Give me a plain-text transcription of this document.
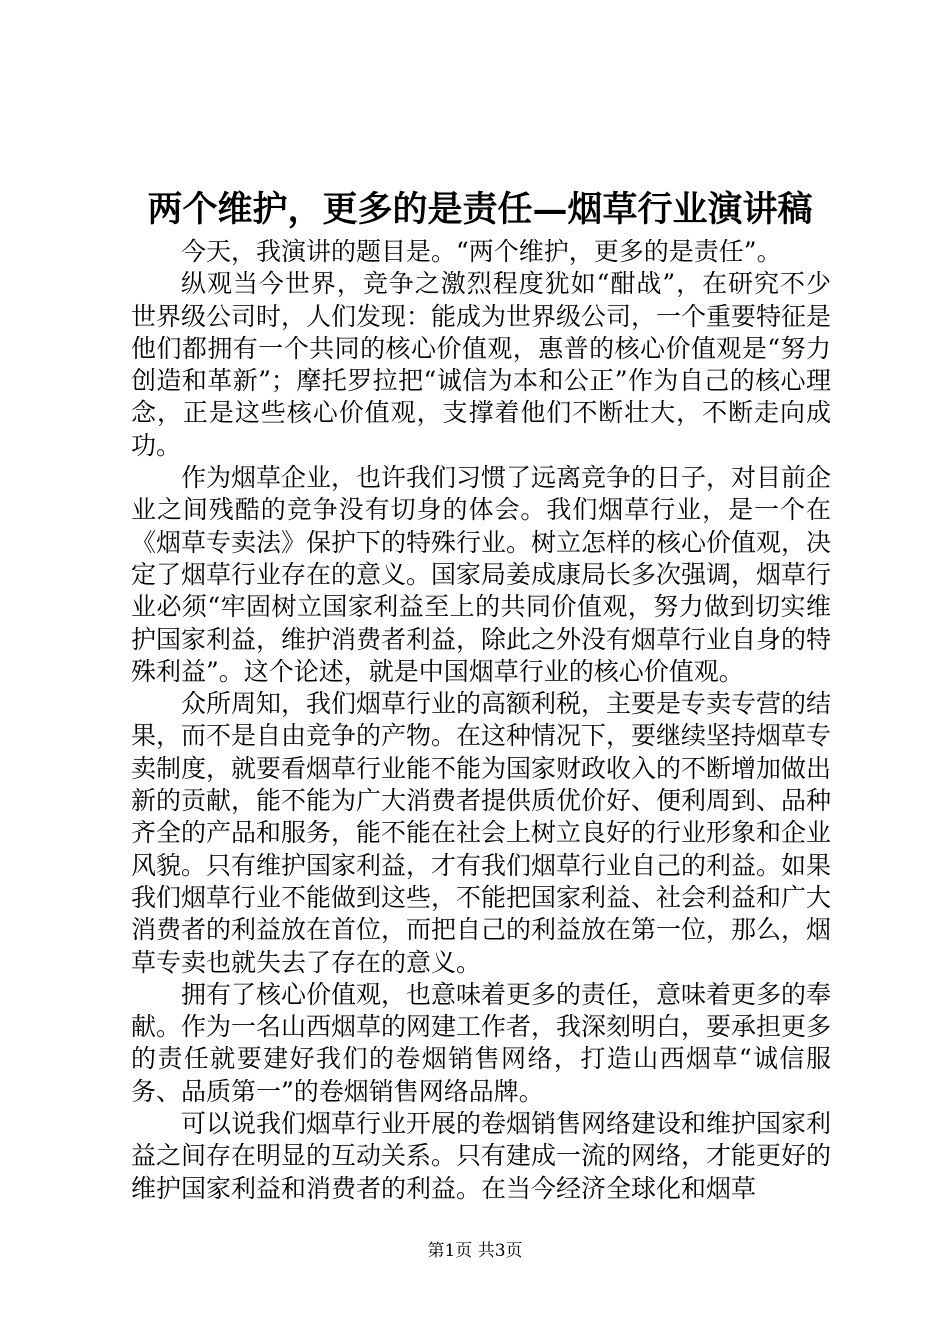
两个维护，更多的是责任—烟草行业演讲稿

今天，我演讲的题目是。“两个维护，更多的是责任”。

纵观当今世界，竞争之激烈程度犹如“酣战”，在研究不少世界级公司时，人们发现：能成为世界级公司，一个重要特征是他们都拥有一个共同的核心价值观，惠普的核心价值观是“努力创造和革新”；摩托罗拉把“诚信为本和公正”作为自己的核心理念，正是这些核心价值观，支撑着他们不断壮大，不断走向成功。

作为烟草企业，也许我们习惯了远离竞争的日子，对目前企业之间残酷的竞争没有切身的体会。我们烟草行业，是一个在《烟草专卖法》保护下的特殊行业。树立怎样的核心价值观，决定了烟草行业存在的意义。国家局姜成康局长多次强调，烟草行业必须“牢固树立国家利益至上的共同价值观，努力做到切实维护国家利益，维护消费者利益，除此之外没有烟草行业自身的特殊利益”。这个论述，就是中国烟草行业的核心价值观。

众所周知，我们烟草行业的高额利税，主要是专卖专营的结果，而不是自由竞争的产物。在这种情况下，要继续坚持烟草专卖制度，就要看烟草行业能不能为国家财政收入的不断增加做出新的贡献，能不能为广大消费者提供质优价好、便利周到、品种齐全的产品和服务，能不能在社会上树立良好的行业形象和企业风貌。只有维护国家利益，才有我们烟草行业自己的利益。如果我们烟草行业不能做到这些，不能把国家利益、社会利益和广大消费者的利益放在首位，而把自己的利益放在第一位，那么，烟草专卖也就失去了存在的意义。

拥有了核心价值观，也意味着更多的责任，意味着更多的奉献。作为一名山西烟草的网建工作者，我深刻明白，要承担更多的责任就要建好我们的卷烟销售网络，打造山西烟草“诚信服务、品质第一”的卷烟销售网络品牌。

可以说我们烟草行业开展的卷烟销售网络建设和维护国家利益之间存在明显的互动关系。只有建成一流的网络，才能更好的维护国家利益和消费者的利益。在当今经济全球化和烟草

第1页 共3页
